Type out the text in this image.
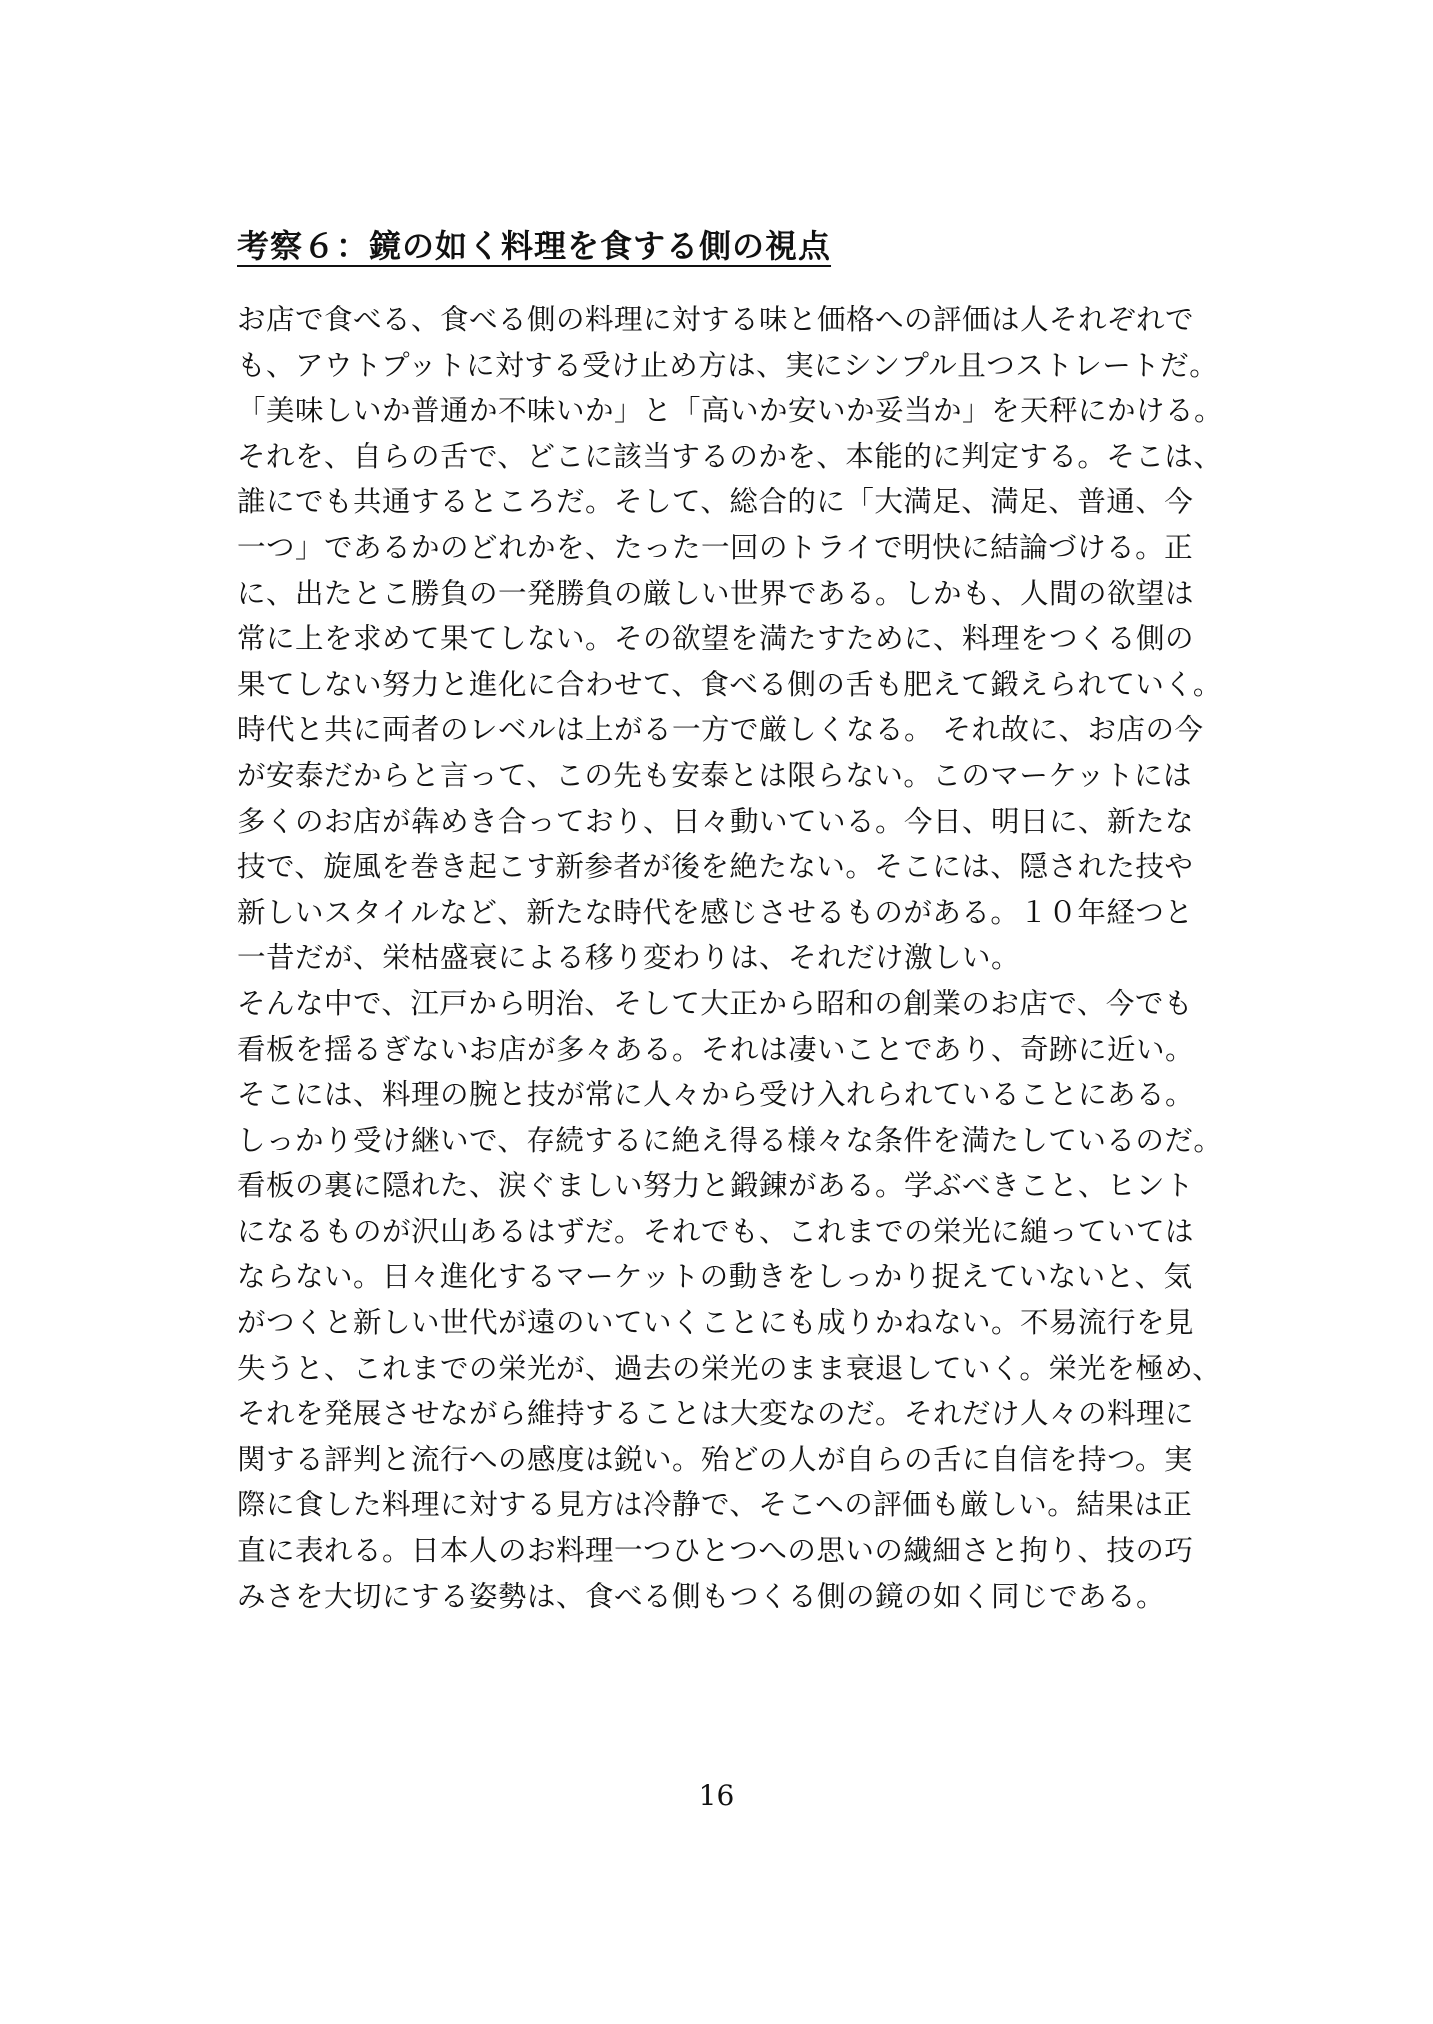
考察６：鏡の如く料理を食する側の視点
お店で食べる、食べる側の料理に対する味と価格への評価は人それぞれで
も、アウトプットに対する受け止め方は、実にシンプル且つストレートだ。
「美味しいか普通か不味いか」と「高いか安いか妥当か」を天秤にかける。
それを、自らの舌で、どこに該当するのかを、本能的に判定する。そこは、
誰にでも共通するところだ。そして、総合的に「大満足、満足、普通、今
一つ」であるかのどれかを、たった一回のトライで明快に結論づける。正
に、出たとこ勝負の一発勝負の厳しい世界である。しかも、人間の欲望は
常に上を求めて果てしない。その欲望を満たすために、料理をつくる側の
果てしない努力と進化に合わせて、食べる側の舌も肥えて鍛えられていく。
時代と共に両者のレベルは上がる一方で厳しくなる。 それ故に、お店の今
が安泰だからと言って、この先も安泰とは限らない。このマーケットには
多くのお店が犇めき合っており、日々動いている。今日、明日に、新たな
技で、旋風を巻き起こす新参者が後を絶たない。そこには、隠された技や
新しいスタイルなど、新たな時代を感じさせるものがある。１０年経つと
一昔だが、栄枯盛衰による移り変わりは、それだけ激しい。
そんな中で、江戸から明治、そして大正から昭和の創業のお店で、今でも
看板を揺るぎないお店が多々ある。それは凄いことであり、奇跡に近い。
そこには、料理の腕と技が常に人々から受け入れられていることにある。
しっかり受け継いで、存続するに絶え得る様々な条件を満たしているのだ。
看板の裏に隠れた、涙ぐましい努力と鍛錬がある。学ぶべきこと、ヒント
になるものが沢山あるはずだ。それでも、これまでの栄光に縋っていては
ならない。日々進化するマーケットの動きをしっかり捉えていないと、気
がつくと新しい世代が遠のいていくことにも成りかねない。不易流行を見
失うと、これまでの栄光が、過去の栄光のまま衰退していく。栄光を極め、
それを発展させながら維持することは大変なのだ。それだけ人々の料理に
関する評判と流行への感度は鋭い。殆どの人が自らの舌に自信を持つ。実
際に食した料理に対する見方は冷静で、そこへの評価も厳しい。結果は正
直に表れる。日本人のお料理一つひとつへの思いの繊細さと拘り、技の巧
みさを大切にする姿勢は、食べる側もつくる側の鏡の如く同じである。
16
